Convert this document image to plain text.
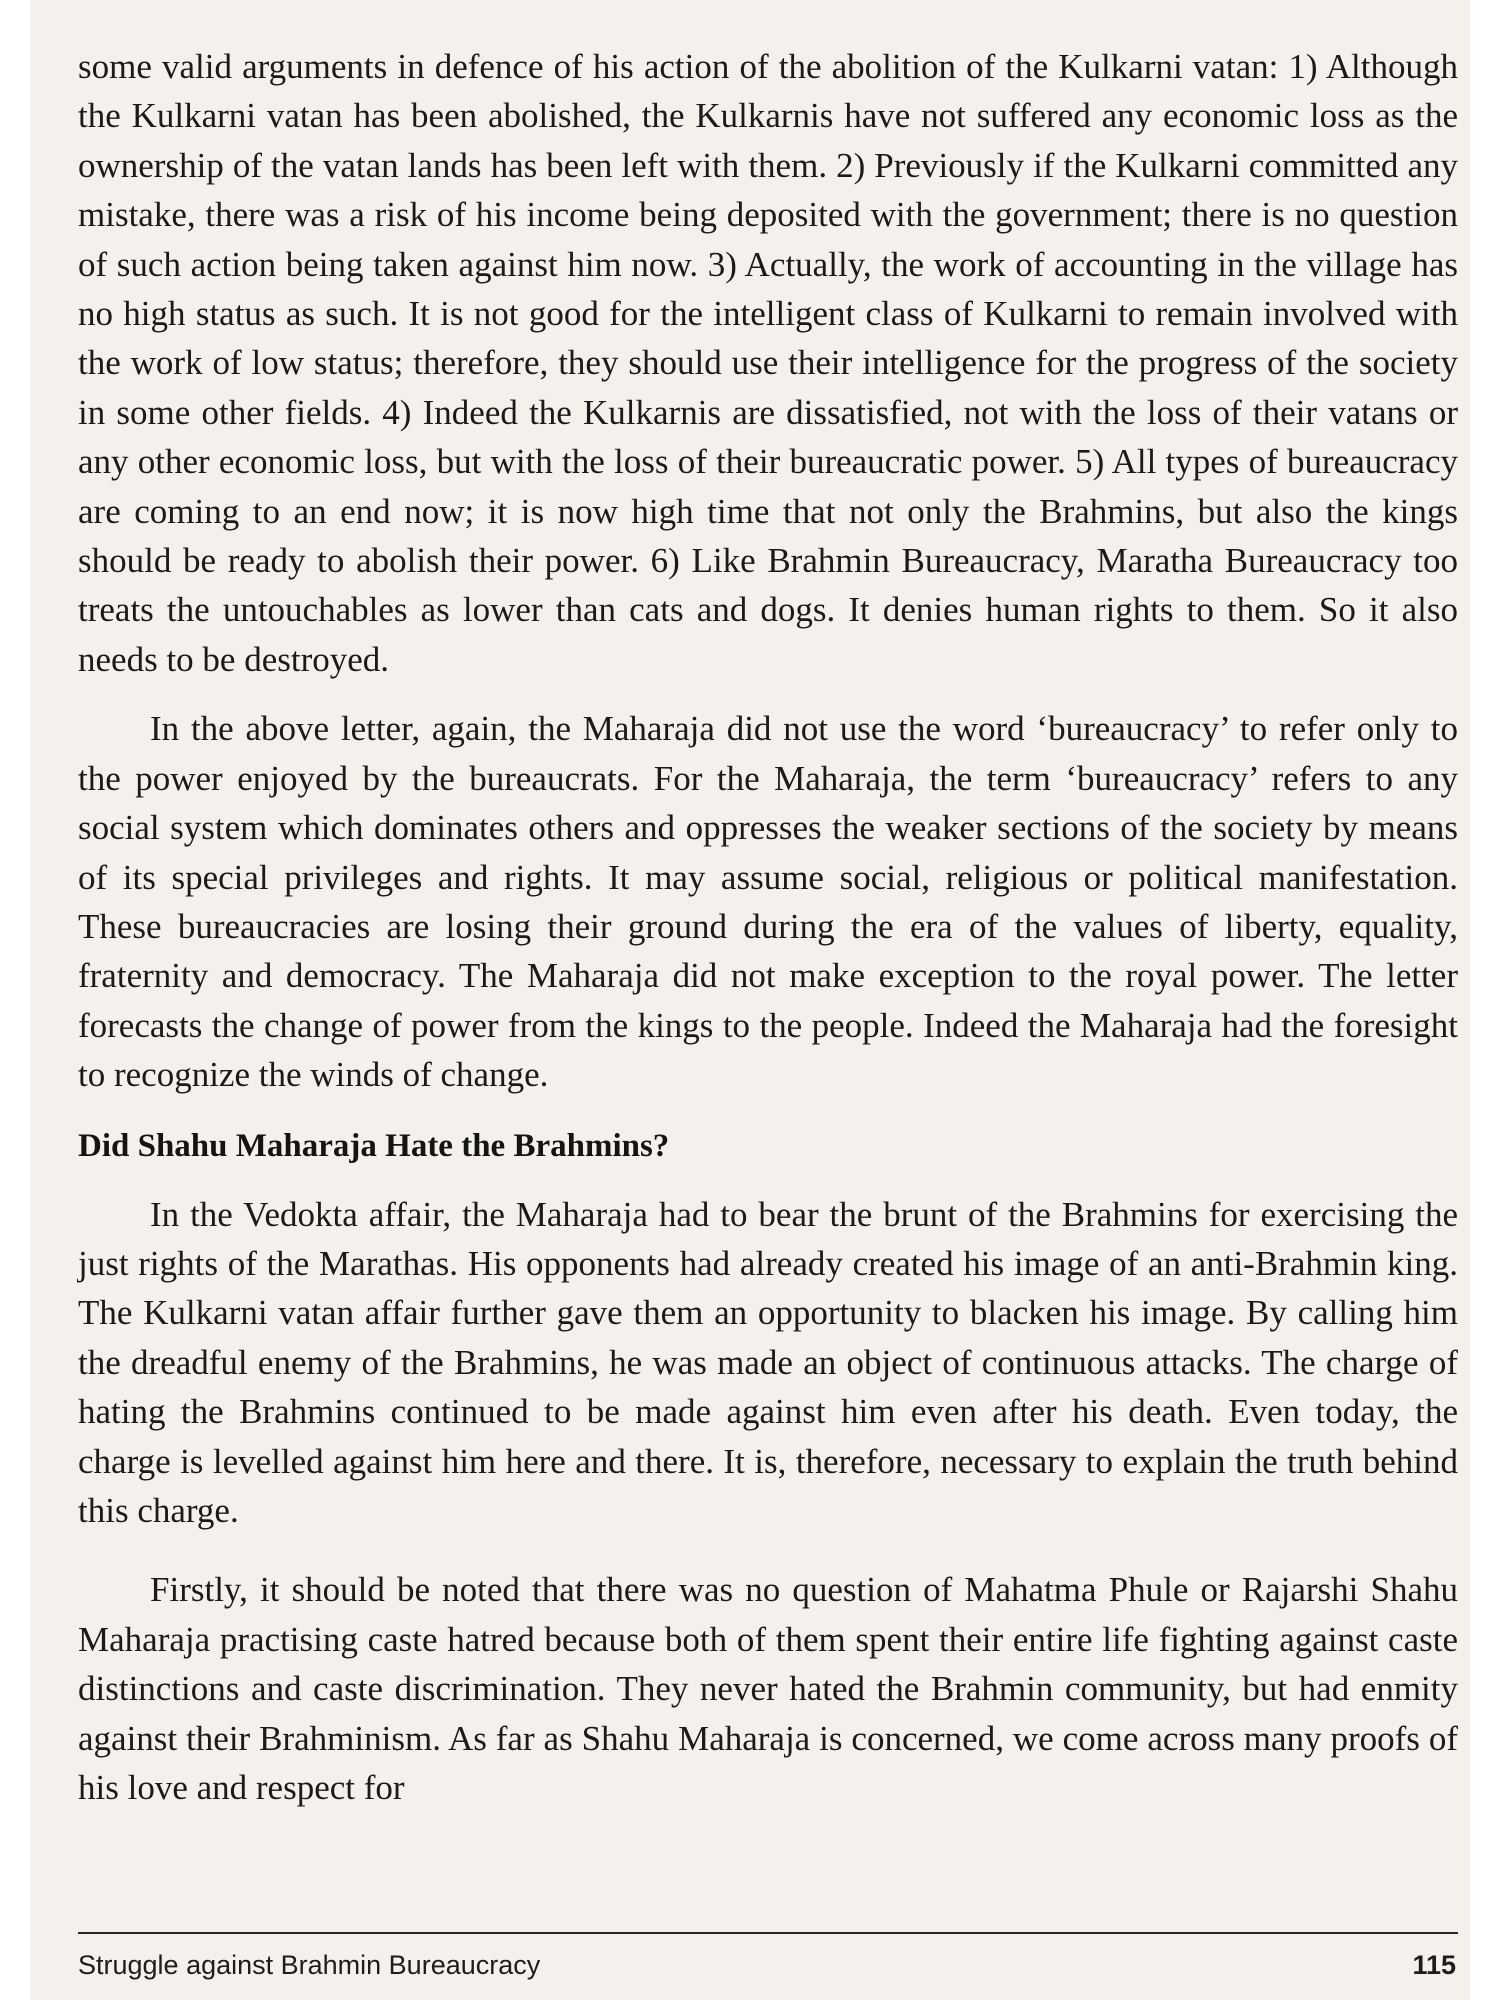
some valid arguments in defence of his action of the abolition of the Kulkarni vatan: 1) Although the Kulkarni vatan has been abolished, the Kulkarnis have not suffered any economic loss as the ownership of the vatan lands has been left with them. 2) Previously if the Kulkarni committed any mistake, there was a risk of his income being deposited with the government; there is no question of such action being taken against him now. 3) Actually, the work of accounting in the village has no high status as such. It is not good for the intelligent class of Kulkarni to remain involved with the work of low status; therefore, they should use their intelligence for the progress of the society in some other fields. 4) Indeed the Kulkarnis are dissatisfied, not with the loss of their vatans or any other economic loss, but with the loss of their bureaucratic power. 5) All types of bureaucracy are coming to an end now; it is now high time that not only the Brahmins, but also the kings should be ready to abolish their power. 6) Like Brahmin Bureaucracy, Maratha Bureaucracy too treats the untouchables as lower than cats and dogs. It denies human rights to them. So it also needs to be destroyed.

In the above letter, again, the Maharaja did not use the word ‘bureaucracy’ to refer only to the power enjoyed by the bureaucrats. For the Maharaja, the term ‘bureaucracy’ refers to any social system which dominates others and oppresses the weaker sections of the society by means of its special privileges and rights. It may assume social, religious or political manifestation. These bureaucracies are losing their ground during the era of the values of liberty, equality, fraternity and democracy. The Maharaja did not make exception to the royal power. The letter forecasts the change of power from the kings to the people. Indeed the Maharaja had the foresight to recognize the winds of change.

Did Shahu Maharaja Hate the Brahmins?

In the Vedokta affair, the Maharaja had to bear the brunt of the Brahmins for exercising the just rights of the Marathas. His opponents had already created his image of an anti-Brahmin king. The Kulkarni vatan affair further gave them an opportunity to blacken his image. By calling him the dreadful enemy of the Brahmins, he was made an object of continuous attacks. The charge of hating the Brahmins continued to be made against him even after his death. Even today, the charge is levelled against him here and there. It is, therefore, necessary to explain the truth behind this charge.

Firstly, it should be noted that there was no question of Mahatma Phule or Rajarshi Shahu Maharaja practising caste hatred because both of them spent their entire life fighting against caste distinctions and caste discrimination. They never hated the Brahmin community, but had enmity against their Brahminism. As far as Shahu Maharaja is concerned, we come across many proofs of his love and respect for

Struggle against Brahmin Bureaucracy	115
